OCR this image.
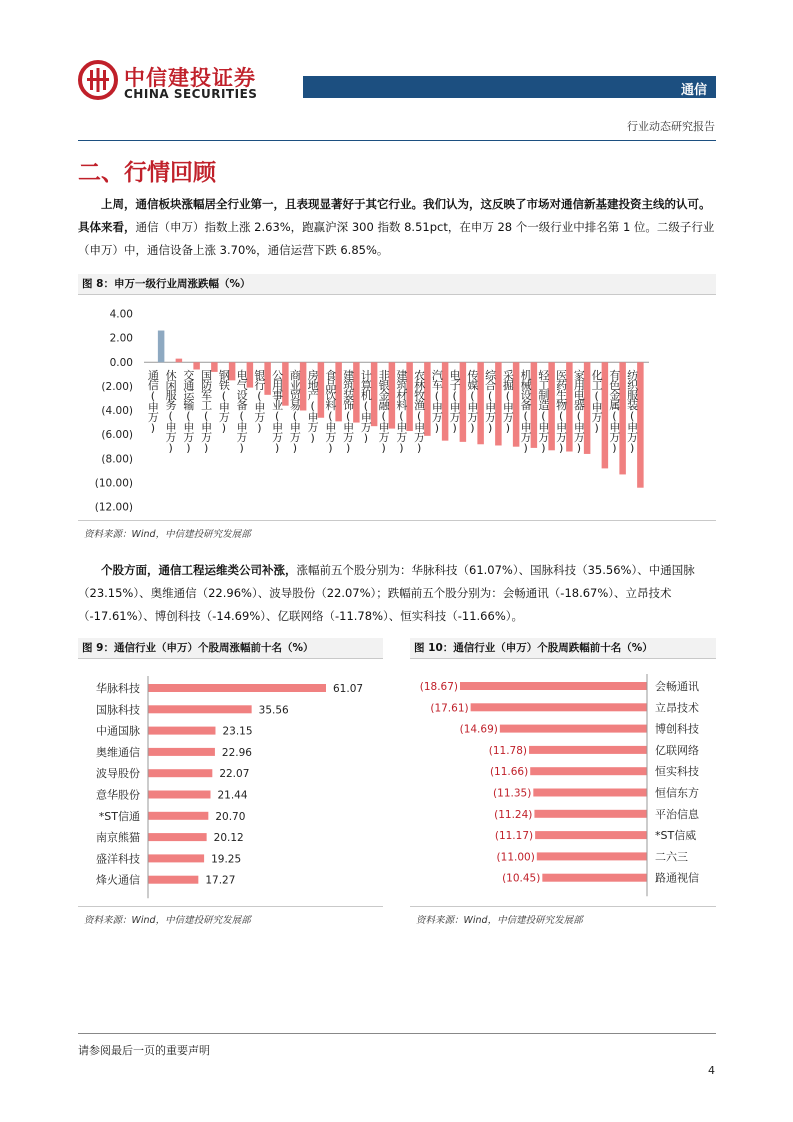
中信建投证券
CHINA SECURITIES	通信
行业动态研究报告
二、行情回顾
上周，通信板块涨幅居全行业第一，且表现显著好于其它行业。我们认为，这反映了市场对通信新基建投资主线的认可。具体来看，通信（申万）指数上涨 2.63%，跑赢沪深 300 指数 8.51pct，在申万 28 个一级行业中排名第 1 位。二级子行业（申万）中，通信设备上涨 3.70%，通信运营下跌 6.85%。
图 8：申万一级行业周涨跌幅（%）
4.00
2.00
0.00
(2.00)
(4.00)
(6.00)
(8.00)
(10.00)
(12.00)
通信(申万) 休闲服务(申万) 交通运输(申万) 国防军工(申万) 钢铁(申万) 电气设备(申万) 银行(申万) 公用事业(申万) 商业贸易(申万) 房地产(申万) 食品饮料(申万) 建筑装饰(申万) 计算机(申万) 非银金融(申万) 建筑材料(申万) 农林牧渔(申万) 汽车(申万) 电子(申万) 传媒(申万) 综合(申万) 采掘(申万) 机械设备(申万) 轻工制造(申万) 医药生物(申万) 家用电器(申万) 化工(申万) 有色金属(申万) 纺织服装(申万)
资料来源：Wind，中信建投研究发展部
个股方面，通信工程运维类公司补涨，涨幅前五个股分别为：华脉科技（61.07%）、国脉科技（35.56%）、中通国脉（23.15%）、奥维通信（22.96%）、波导股份（22.07%）；跌幅前五个股分别为：会畅通讯（-18.67%）、立昂技术（-17.61%）、博创科技（-14.69%）、亿联网络（-11.78%）、恒实科技（-11.66%）。
图 9：通信行业（申万）个股周涨幅前十名（%）
华脉科技	61.07
国脉科技	35.56
中通国脉	23.15
奥维通信	22.96
波导股份	22.07
意华股份	21.44
*ST信通	20.70
南京熊猫	20.12
盛洋科技	19.25
烽火通信	17.27
资料来源：Wind，中信建投研究发展部
图 10：通信行业（申万）个股周跌幅前十名（%）
(18.67)	会畅通讯
(17.61)	立昂技术
(14.69)	博创科技
(11.78)	亿联网络
(11.66)	恒实科技
(11.35)	恒信东方
(11.24)	平治信息
(11.17)	*ST信威
(11.00)	二六三
(10.45)	路通视信
资料来源：Wind，中信建投研究发展部
请参阅最后一页的重要声明
4
